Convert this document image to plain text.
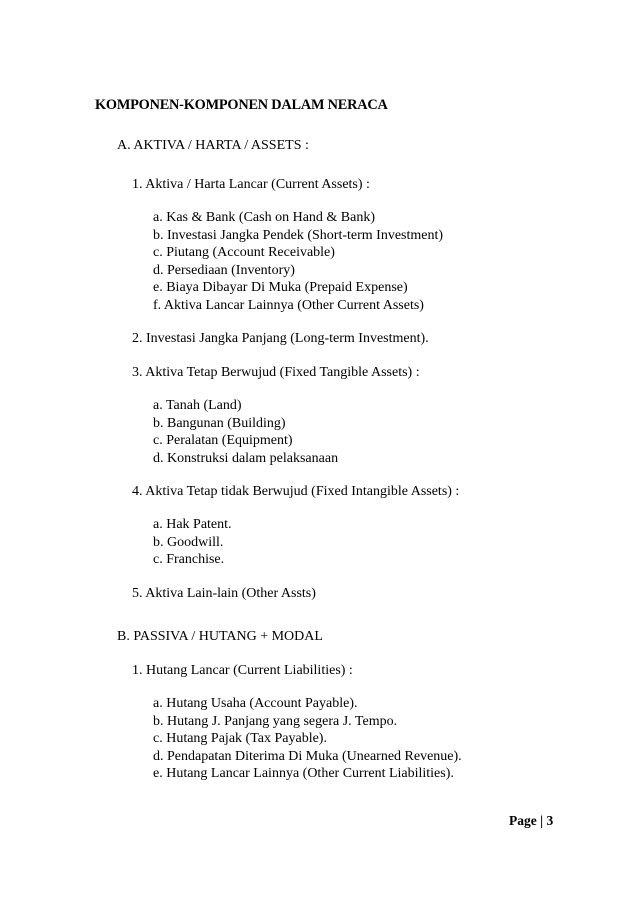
KOMPONEN-KOMPONEN DALAM NERACA

A. AKTIVA / HARTA / ASSETS :

1. Aktiva / Harta Lancar (Current Assets) :
a. Kas & Bank (Cash on Hand & Bank)
b. Investasi Jangka Pendek (Short-term Investment)
c. Piutang (Account Receivable)
d. Persediaan (Inventory)
e. Biaya Dibayar Di Muka (Prepaid Expense)
f. Aktiva Lancar Lainnya (Other Current Assets)
2. Investasi Jangka Panjang (Long-term Investment).
3. Aktiva Tetap Berwujud (Fixed Tangible Assets) :
a. Tanah (Land)
b. Bangunan (Building)
c. Peralatan (Equipment)
d. Konstruksi dalam pelaksanaan
4. Aktiva Tetap tidak Berwujud (Fixed Intangible Assets) :
a. Hak Patent.
b. Goodwill.
c. Franchise.
5. Aktiva Lain-lain (Other Assts)

B. PASSIVA / HUTANG + MODAL

1. Hutang Lancar (Current Liabilities) :
a. Hutang Usaha (Account Payable).
b. Hutang J. Panjang yang segera J. Tempo.
c. Hutang Pajak (Tax Payable).
d. Pendapatan Diterima Di Muka (Unearned Revenue).
e. Hutang Lancar Lainnya (Other Current Liabilities).
Page | 3
